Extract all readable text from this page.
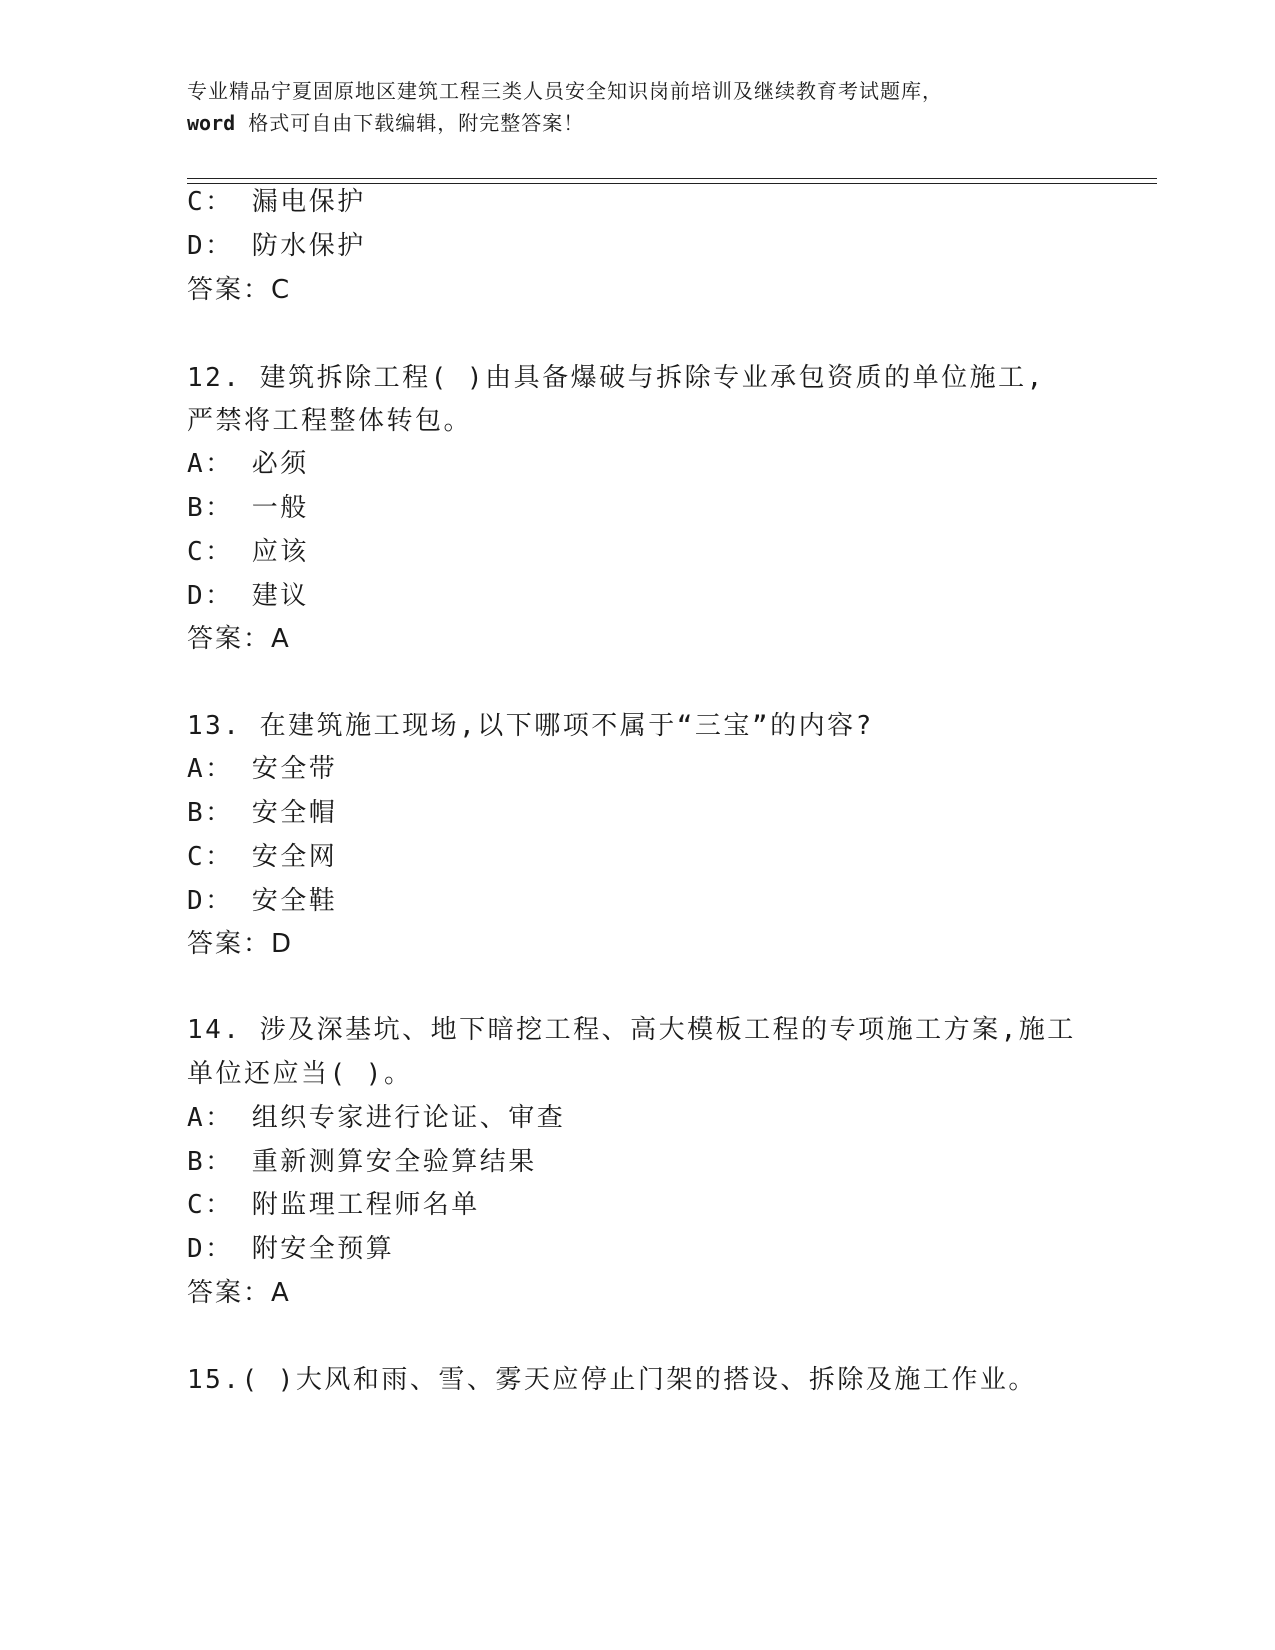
专业精品宁夏固原地区建筑工程三类人员安全知识岗前培训及继续教育考试题库，
word 格式可自由下载编辑，附完整答案！
C： 漏电保护
D： 防水保护
答案：C
12. 建筑拆除工程( )由具备爆破与拆除专业承包资质的单位施工,
严禁将工程整体转包。
A： 必须
B： 一般
C： 应该
D： 建议
答案：A
13. 在建筑施工现场,以下哪项不属于“三宝”的内容?
A： 安全带
B： 安全帽
C： 安全网
D： 安全鞋
答案：D
14. 涉及深基坑、地下暗挖工程、高大模板工程的专项施工方案,施工
单位还应当( )。
A： 组织专家进行论证、审查
B： 重新测算安全验算结果
C： 附监理工程师名单
D： 附安全预算
答案：A
15.( )大风和雨、雪、雾天应停止门架的搭设、拆除及施工作业。
